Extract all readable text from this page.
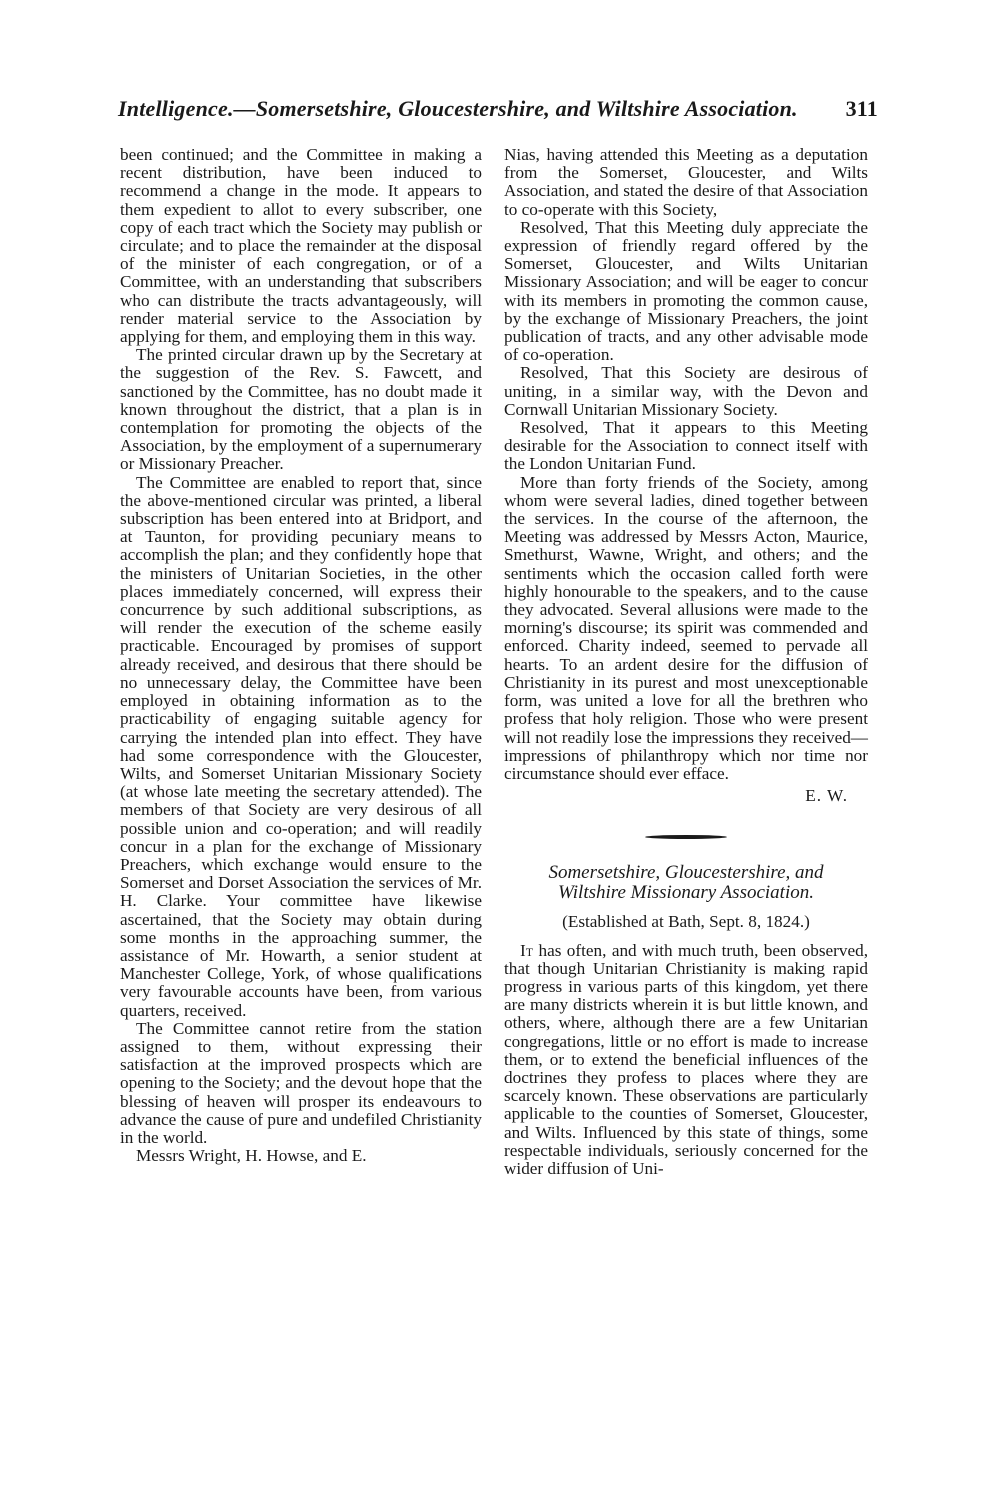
Intelligence.—Somersetshire, Gloucestershire, and Wiltshire Association. 311

been continued; and the Committee in making a recent distribution, have been induced to recommend a change in the mode. It appears to them expedient to allot to every subscriber, one copy of each tract which the Society may publish or circulate; and to place the remainder at the disposal of the minister of each congregation, or of a Committee, with an understanding that subscribers who can distribute the tracts advantageously, will render material service to the Association by applying for them, and employing them in this way.

The printed circular drawn up by the Secretary at the suggestion of the Rev. S. Fawcett, and sanctioned by the Committee, has no doubt made it known throughout the district, that a plan is in contemplation for promoting the objects of the Association, by the employment of a supernumerary or Missionary Preacher.

The Committee are enabled to report that, since the above-mentioned circular was printed, a liberal subscription has been entered into at Bridport, and at Taunton, for providing pecuniary means to accomplish the plan; and they confidently hope that the ministers of Unitarian Societies, in the other places immediately concerned, will express their concurrence by such additional subscriptions, as will render the execution of the scheme easily practicable. Encouraged by promises of support already received, and desirous that there should be no unnecessary delay, the Committee have been employed in obtaining information as to the practicability of engaging suitable agency for carrying the intended plan into effect. They have had some correspondence with the Gloucester, Wilts, and Somerset Unitarian Missionary Society (at whose late meeting the secretary attended). The members of that Society are very desirous of all possible union and co-operation; and will readily concur in a plan for the exchange of Missionary Preachers, which exchange would ensure to the Somerset and Dorset Association the services of Mr. H. Clarke. Your committee have likewise ascertained, that the Society may obtain during some months in the approaching summer, the assistance of Mr. Howarth, a senior student at Manchester College, York, of whose qualifications very favourable accounts have been, from various quarters, received.

The Committee cannot retire from the station assigned to them, without expressing their satisfaction at the improved prospects which are opening to the Society; and the devout hope that the blessing of heaven will prosper its endeavours to advance the cause of pure and undefiled Christianity in the world.

Messrs Wright, H. Howse, and E.

Nias, having attended this Meeting as a deputation from the Somerset, Gloucester, and Wilts Association, and stated the desire of that Association to co-operate with this Society,

Resolved, That this Meeting duly appreciate the expression of friendly regard offered by the Somerset, Gloucester, and Wilts Unitarian Missionary Association; and will be eager to concur with its members in promoting the common cause, by the exchange of Missionary Preachers, the joint publication of tracts, and any other advisable mode of co-operation.

Resolved, That this Society are desirous of uniting, in a similar way, with the Devon and Cornwall Unitarian Missionary Society.

Resolved, That it appears to this Meeting desirable for the Association to connect itself with the London Unitarian Fund.

More than forty friends of the Society, among whom were several ladies, dined together between the services. In the course of the afternoon, the Meeting was addressed by Messrs Acton, Maurice, Smethurst, Wawne, Wright, and others; and the sentiments which the occasion called forth were highly honourable to the speakers, and to the cause they advocated. Several allusions were made to the morning's discourse; its spirit was commended and enforced. Charity indeed, seemed to pervade all hearts. To an ardent desire for the diffusion of Christianity in its purest and most unexceptionable form, was united a love for all the brethren who profess that holy religion. Those who were present will not readily lose the impressions they received—impressions of philanthropy which nor time nor circumstance should ever efface.

E. W.

Somersetshire, Gloucestershire, and

Wiltshire Missionary Association.

(Established at Bath, Sept. 8, 1824.)

It has often, and with much truth, been observed, that though Unitarian Christianity is making rapid progress in various parts of this kingdom, yet there are many districts wherein it is but little known, and others, where, although there are a few Unitarian congregations, little or no effort is made to increase them, or to extend the beneficial influences of the doctrines they profess to places where they are scarcely known. These observations are particularly applicable to the counties of Somerset, Gloucester, and Wilts. Influenced by this state of things, some respectable individuals, seriously concerned for the wider diffusion of Uni-
